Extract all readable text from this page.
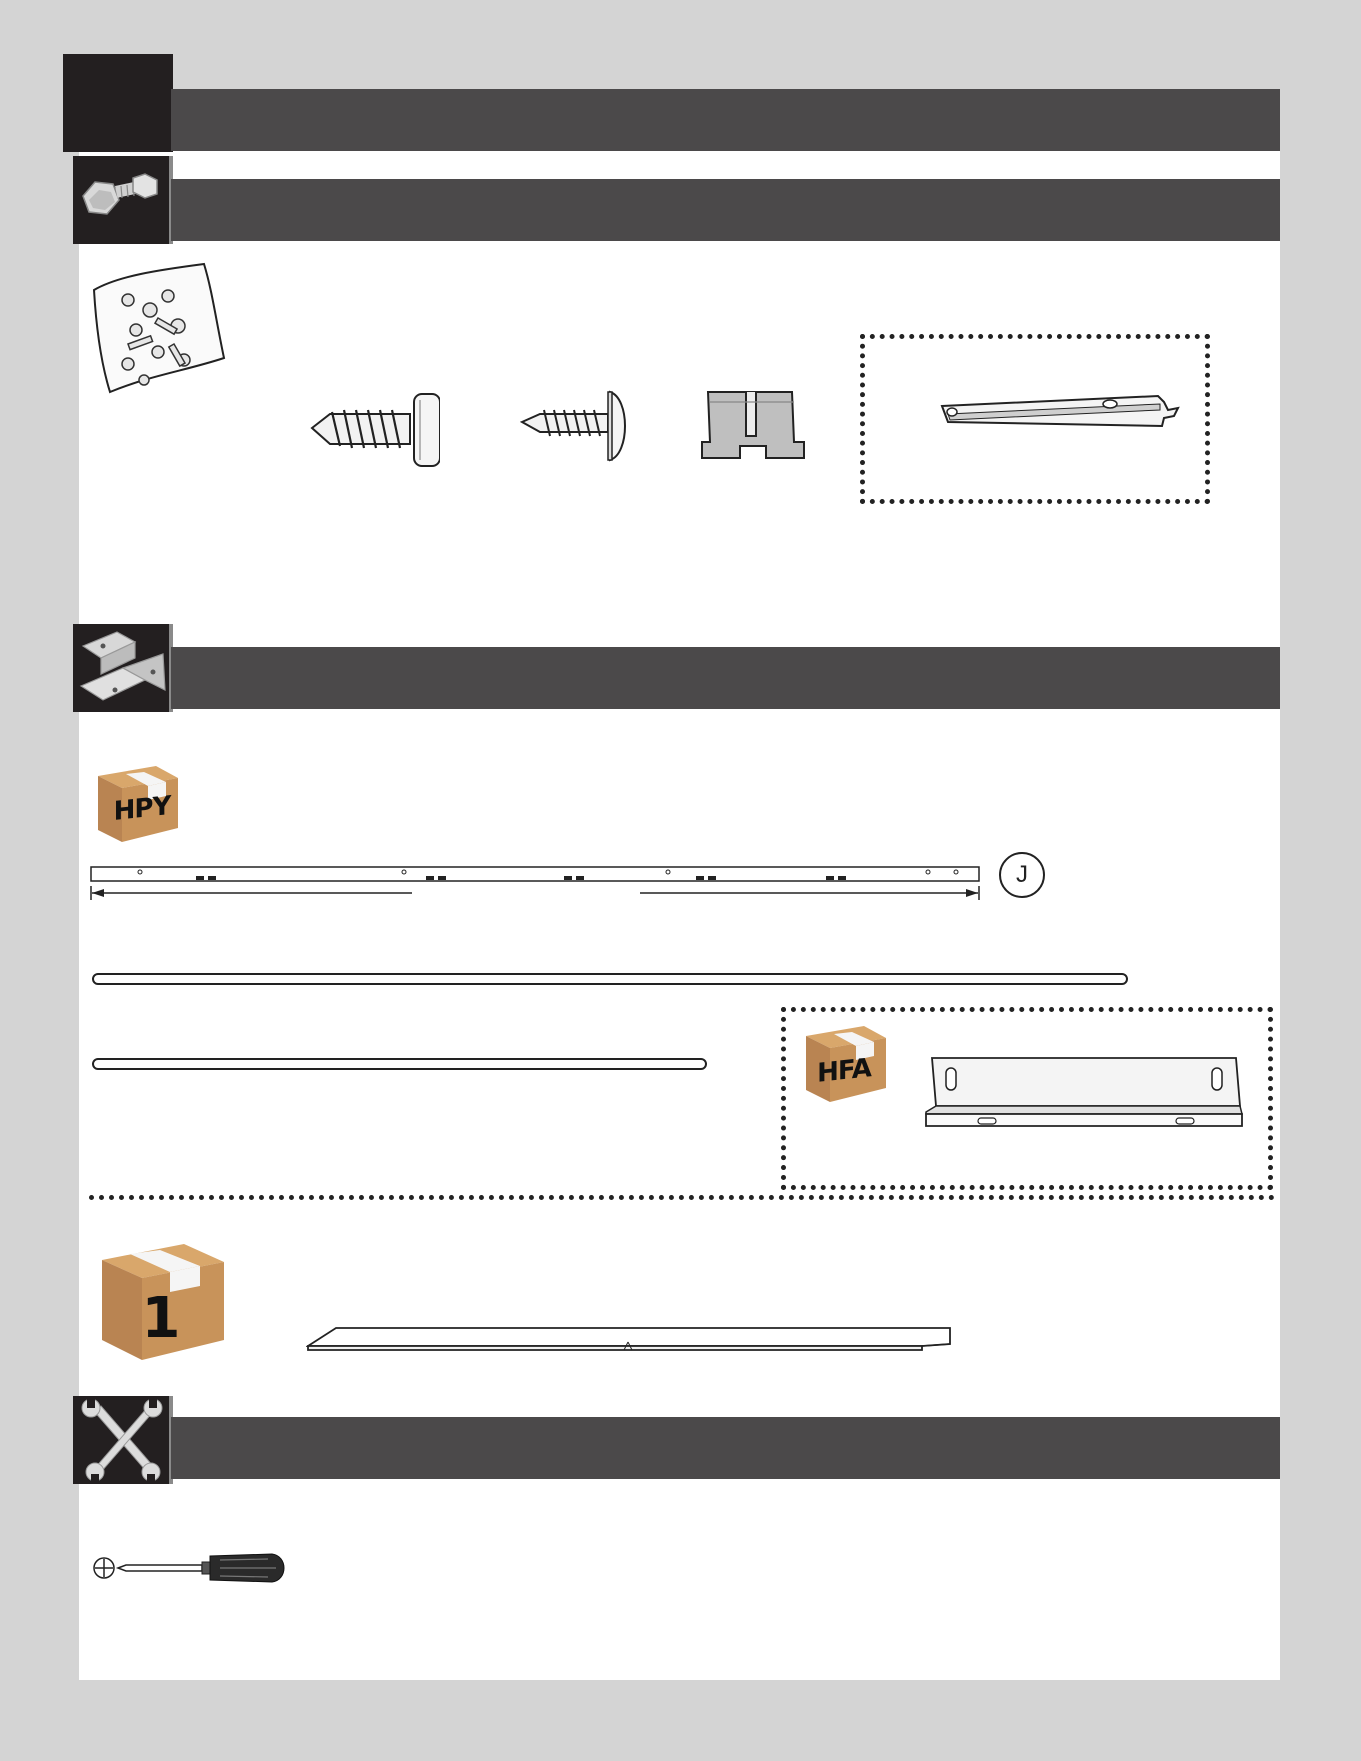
HPY
J
HFA
1
